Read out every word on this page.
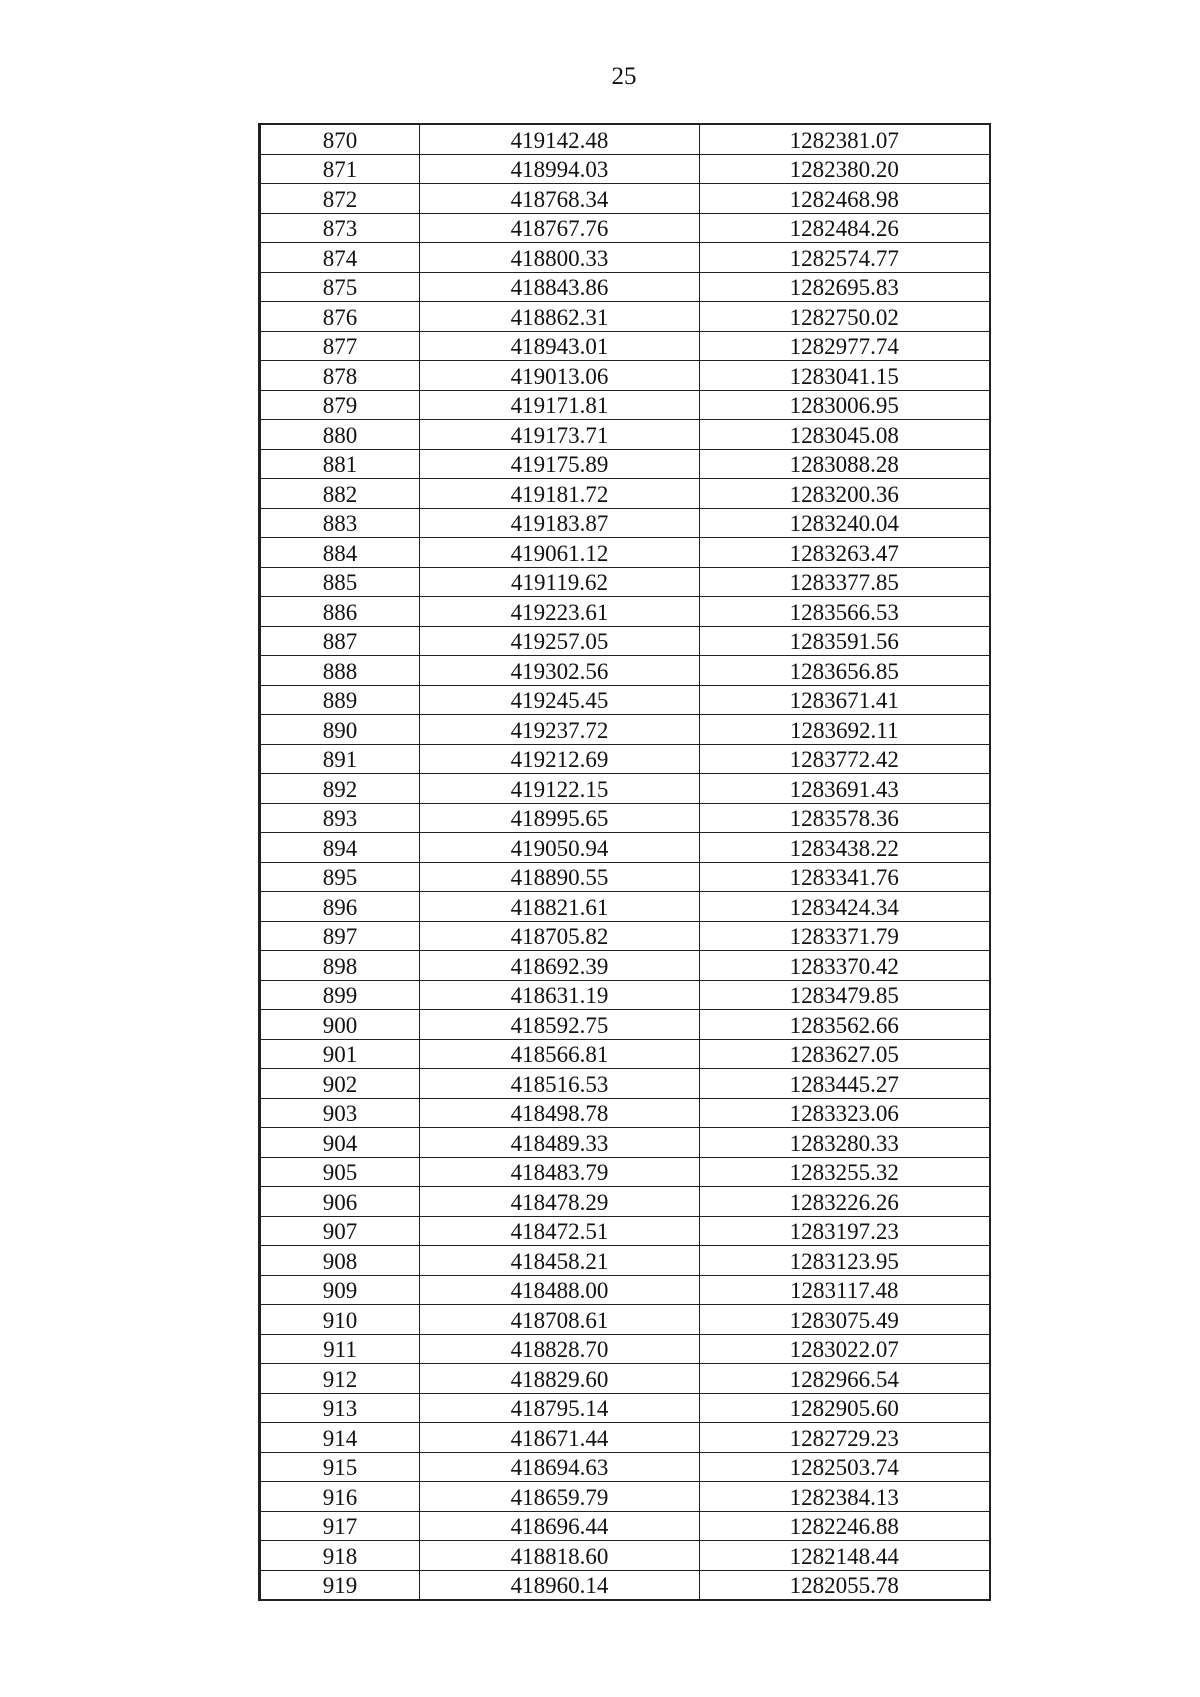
25
870	419142.48	1282381.07
871	418994.03	1282380.20
872	418768.34	1282468.98
873	418767.76	1282484.26
874	418800.33	1282574.77
875	418843.86	1282695.83
876	418862.31	1282750.02
877	418943.01	1282977.74
878	419013.06	1283041.15
879	419171.81	1283006.95
880	419173.71	1283045.08
881	419175.89	1283088.28
882	419181.72	1283200.36
883	419183.87	1283240.04
884	419061.12	1283263.47
885	419119.62	1283377.85
886	419223.61	1283566.53
887	419257.05	1283591.56
888	419302.56	1283656.85
889	419245.45	1283671.41
890	419237.72	1283692.11
891	419212.69	1283772.42
892	419122.15	1283691.43
893	418995.65	1283578.36
894	419050.94	1283438.22
895	418890.55	1283341.76
896	418821.61	1283424.34
897	418705.82	1283371.79
898	418692.39	1283370.42
899	418631.19	1283479.85
900	418592.75	1283562.66
901	418566.81	1283627.05
902	418516.53	1283445.27
903	418498.78	1283323.06
904	418489.33	1283280.33
905	418483.79	1283255.32
906	418478.29	1283226.26
907	418472.51	1283197.23
908	418458.21	1283123.95
909	418488.00	1283117.48
910	418708.61	1283075.49
911	418828.70	1283022.07
912	418829.60	1282966.54
913	418795.14	1282905.60
914	418671.44	1282729.23
915	418694.63	1282503.74
916	418659.79	1282384.13
917	418696.44	1282246.88
918	418818.60	1282148.44
919	418960.14	1282055.78
